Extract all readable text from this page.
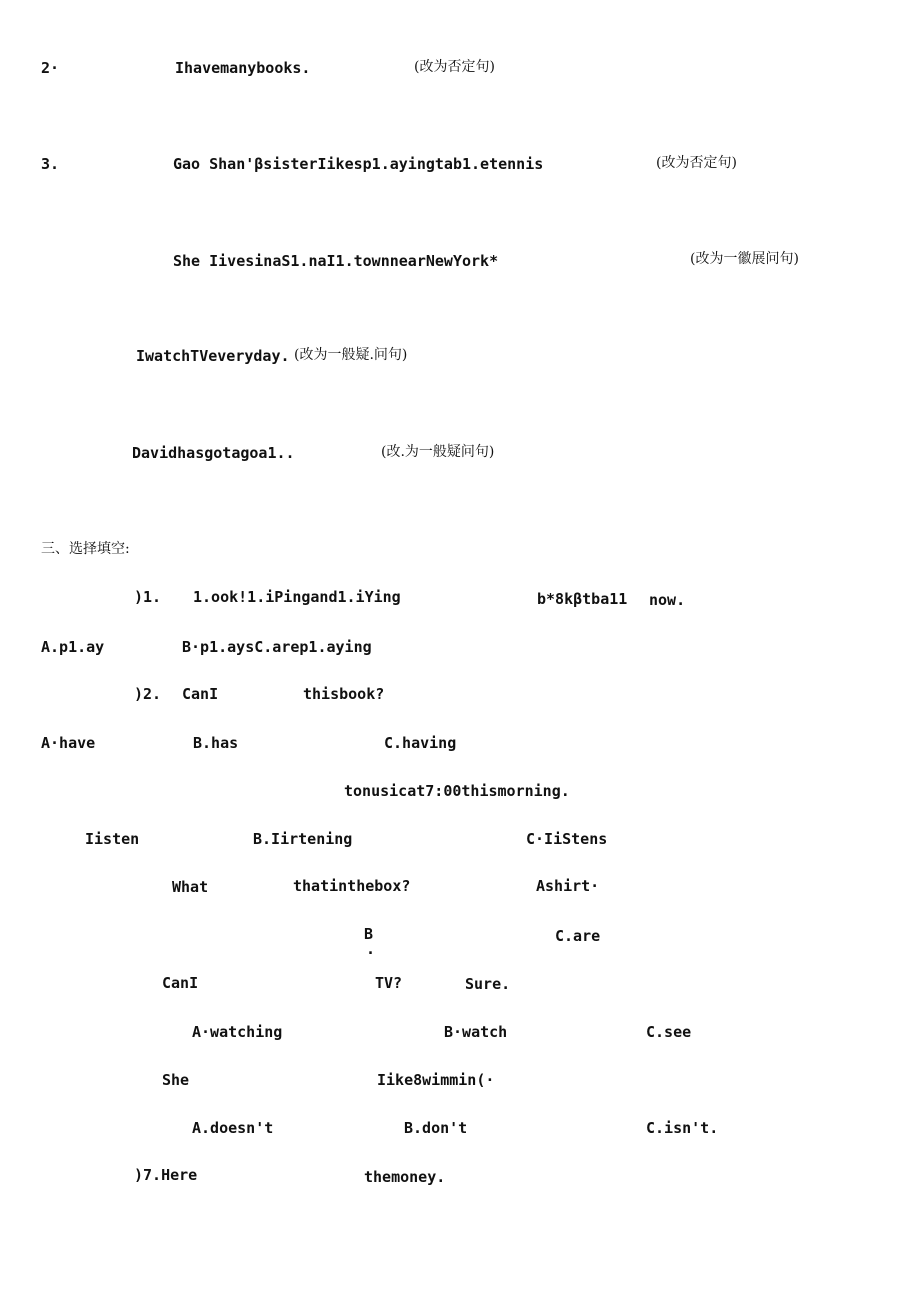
2·	Ihavemanybooks.	(改为否定句)
3.	Gao Shan'βsisterIikesp1.ayingtab1.etennis	(改为否定句)
She IivesinaS1.naI1.townnearNewYork*	(改为一徽展问句)
IwatchTVeveryday. (改为一般疑.问句)
Davidhasgotagoa1..	(改.为一般疑问句)
三、选择填空:
)1. 1.ook!1.iPingand1.iYing	b*8kβtba11 now.
A.p1.ay	B·p1.aysC.arep1.aying
)2. CanI	thisbook?
A·have	B.has	C.having
tonusicat7:00thismorning.
Iisten	B.Iirtening	C·IiStens
What	thatinthebox?	Ashirt·
B
·
C.are
CanI	TV?	Sure.
A·watching	B·watch	C.see
She	Iike8wimmin(·
A.doesn't	B.don't	C.isn't.
)7.Here	themoney.
